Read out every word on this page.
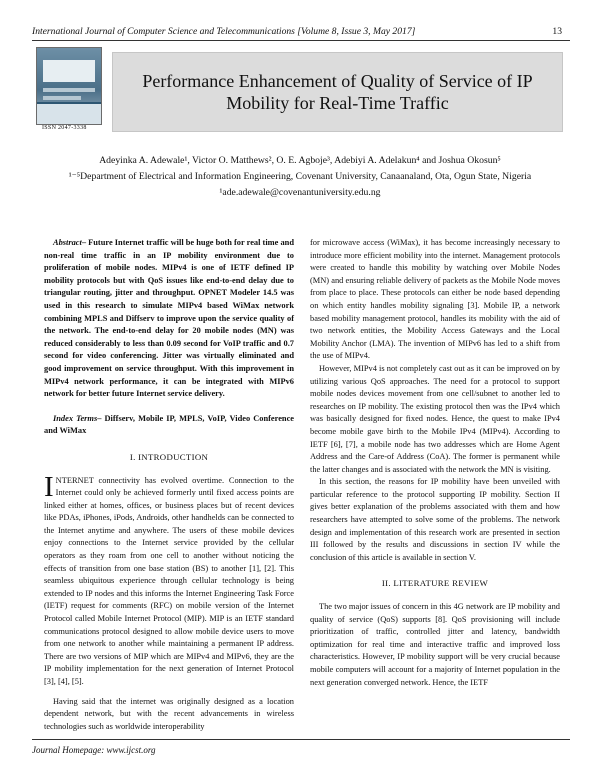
International Journal of Computer Science and Telecommunications [Volume 8, Issue 3, May 2017]	13
ISSN 2047-3338
Performance Enhancement of Quality of Service of IP Mobility for Real-Time Traffic
Adeyinka A. Adewale¹, Victor O. Matthews², O. E. Agboje³, Adebiyi A. Adelakun⁴ and Joshua Okosun⁵
¹⁻⁵Department of Electrical and Information Engineering, Covenant University, Canaanaland, Ota, Ogun State, Nigeria
¹ade.adewale@covenantuniversity.edu.ng

Abstract– Future Internet traffic will be huge both for real time and non-real time traffic in an IP mobility environment due to proliferation of mobile nodes. MIPv4 is one of IETF defined IP mobility protocols but with QoS issues like end-to-end delay due to triangular routing, jitter and throughput. OPNET Modeler 14.5 was used in this research to simulate MIPv4 based WiMax network combining MPLS and Diffserv to improve upon the service quality of the network. The end-to-end delay for 20 mobile nodes (MN) was reduced considerably to less than 0.09 second for VoIP traffic and 0.7 second for video conferencing. Jitter was virtually eliminated and good improvement on service throughput. With this improvement in MIPv4 network performance, it can be integrated with MIPv6 network for better future Internet service delivery.

Index Terms– Diffserv, Mobile IP, MPLS, VoIP, Video Conference and WiMax

I. INTRODUCTION

INTERNET connectivity has evolved overtime. Connection to the Internet could only be achieved formerly until fixed access points are linked either at homes, offices, or business places but of recent devices like PDAs, iPhones, iPods, Androids, other handhelds can be connected to the Internet anytime and anywhere. The users of these mobile devices enjoy connections to the Internet service provided by the cellular operators as they roam from one cell to another without noticing the effects of transition from one base station (BS) to another [1], [2]. This seamless ubiquitous experience through cellular technology is being extended to IP nodes and this informs the Internet Engineering Task Force (IETF) request for comments (RFC) on mobile version of the Internet Protocol called Mobile Internet Protocol (MIP). MIP is an IETF standard communications protocol designed to allow mobile device users to move from one network to another while maintaining a permanent IP address. There are two versions of MIP which are MIPv4 and MIPv6, they are the IP mobility implementation for the next generation of Internet Protocol [3], [4], [5].

Having said that the internet was originally designed as a location dependent network, but with the recent advancements in wireless technologies such as worldwide interoperability

for microwave access (WiMax), it has become increasingly necessary to introduce more efficient mobility into the internet. Management protocols were created to handle this mobility by watching over Mobile Nodes (MN) and ensuring reliable delivery of packets as the Mobile Node moves from place to place. These protocols can either be node based depending on which entity handles mobility signaling [3]. Mobile IP, a network based mobility management protocol, handles its mobility with the aid of two network entities, the Mobility Access Gateways and the Local Mobility Anchor (LMA). The invention of MIPv6 has led to a shift from the use of MIPv4.

However, MIPv4 is not completely cast out as it can be improved on by utilizing various QoS approaches. The need for a protocol to support mobile nodes devices movement from one cell/subnet to another led to researches on IP mobility. The existing protocol then was the IPv4 which was basically designed for fixed nodes. Hence, the quest to make IPv4 become mobile gave birth to the Mobile IPv4 (MIPv4). According to IETF [6], [7], a mobile node has two addresses which are Home Agent Address and the Care-of Address (CoA). The former is permanent while the latter changes and is associated with the network the MN is visiting.

In this section, the reasons for IP mobility have been unveiled with particular reference to the protocol supporting IP mobility. Section II gives better explanation of the problems associated with them and how researchers have attempted to solve some of the problems. The network design and implementation of this research work are presented in section III followed by the results and discussions in section IV while the conclusion of this article is available in section V.

II. LITERATURE REVIEW

The two major issues of concern in this 4G network are IP mobility and quality of service (QoS) supports [8]. QoS provisioning will include prioritization of traffic, controlled jitter and latency, bandwidth optimization for real time and interactive traffic and improved loss characteristics. However, IP mobility support will be very crucial because mobile computers will account for a majority of Internet population in the next generation converged network. Hence, the IETF

Journal Homepage: www.ijcst.org
